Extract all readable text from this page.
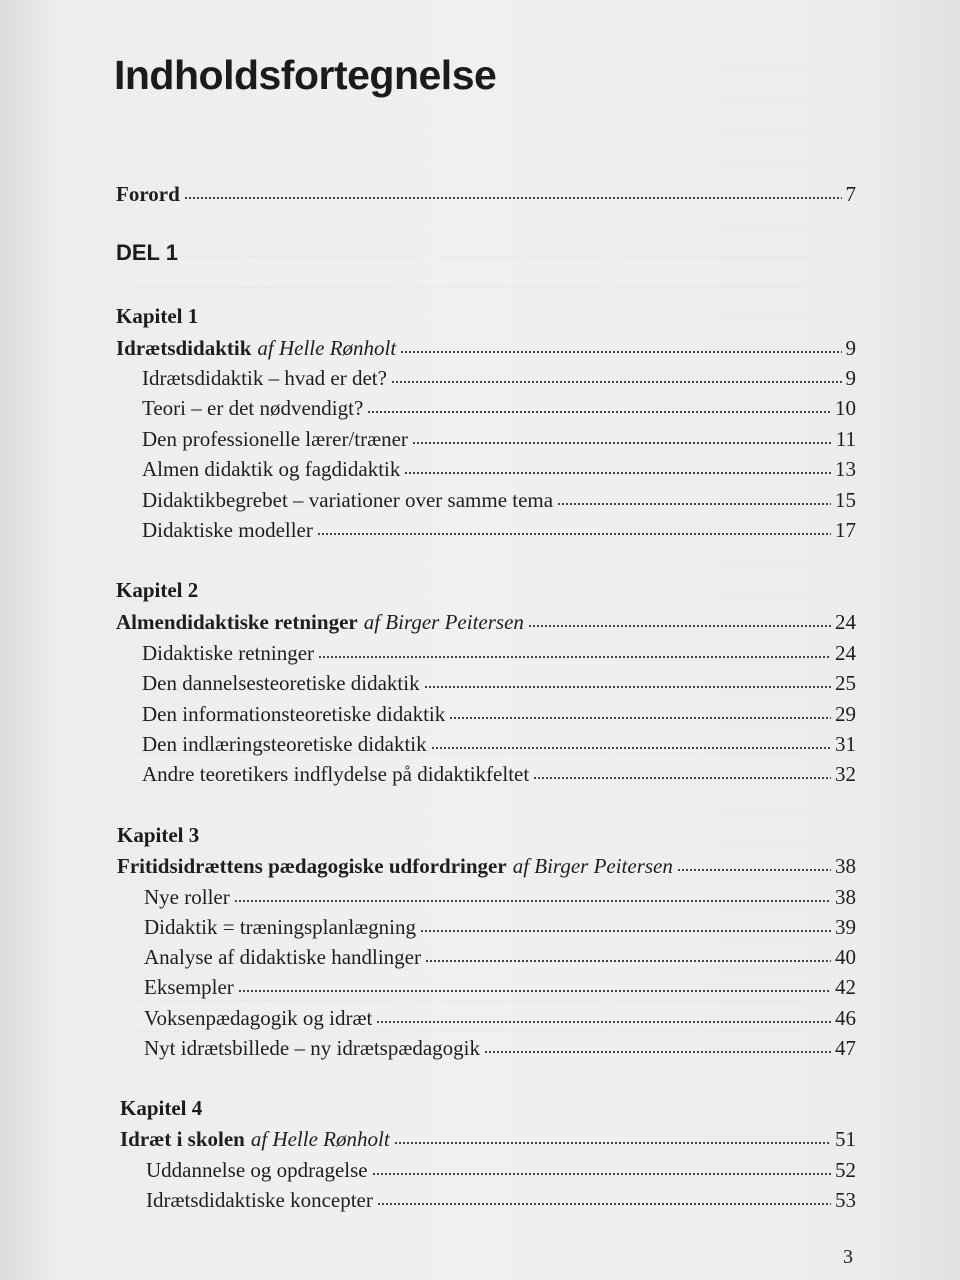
Indholdsfortegnelse
Forord	7
DEL 1
Kapitel 1
Idrætsdidaktik af Helle Rønholt	9
Idrætsdidaktik – hvad er det?	9
Teori – er det nødvendigt?	10
Den professionelle lærer/træner	11
Almen didaktik og fagdidaktik	13
Didaktikbegrebet – variationer over samme tema	15
Didaktiske modeller	17
Kapitel 2
Almendidaktiske retninger af Birger Peitersen	24
Didaktiske retninger	24
Den dannelsesteoretiske didaktik	25
Den informationsteoretiske didaktik	29
Den indlæringsteoretiske didaktik	31
Andre teoretikers indflydelse på didaktikfeltet	32
Kapitel 3
Fritidsidrættens pædagogiske udfordringer af Birger Peitersen	38
Nye roller	38
Didaktik = træningsplanlægning	39
Analyse af didaktiske handlinger	40
Eksempler	42
Voksenpædagogik og idræt	46
Nyt idrætsbillede – ny idrætspædagogik	47
Kapitel 4
Idræt i skolen af Helle Rønholt	51
Uddannelse og opdragelse	52
Idrætsdidaktiske koncepter	53
3
